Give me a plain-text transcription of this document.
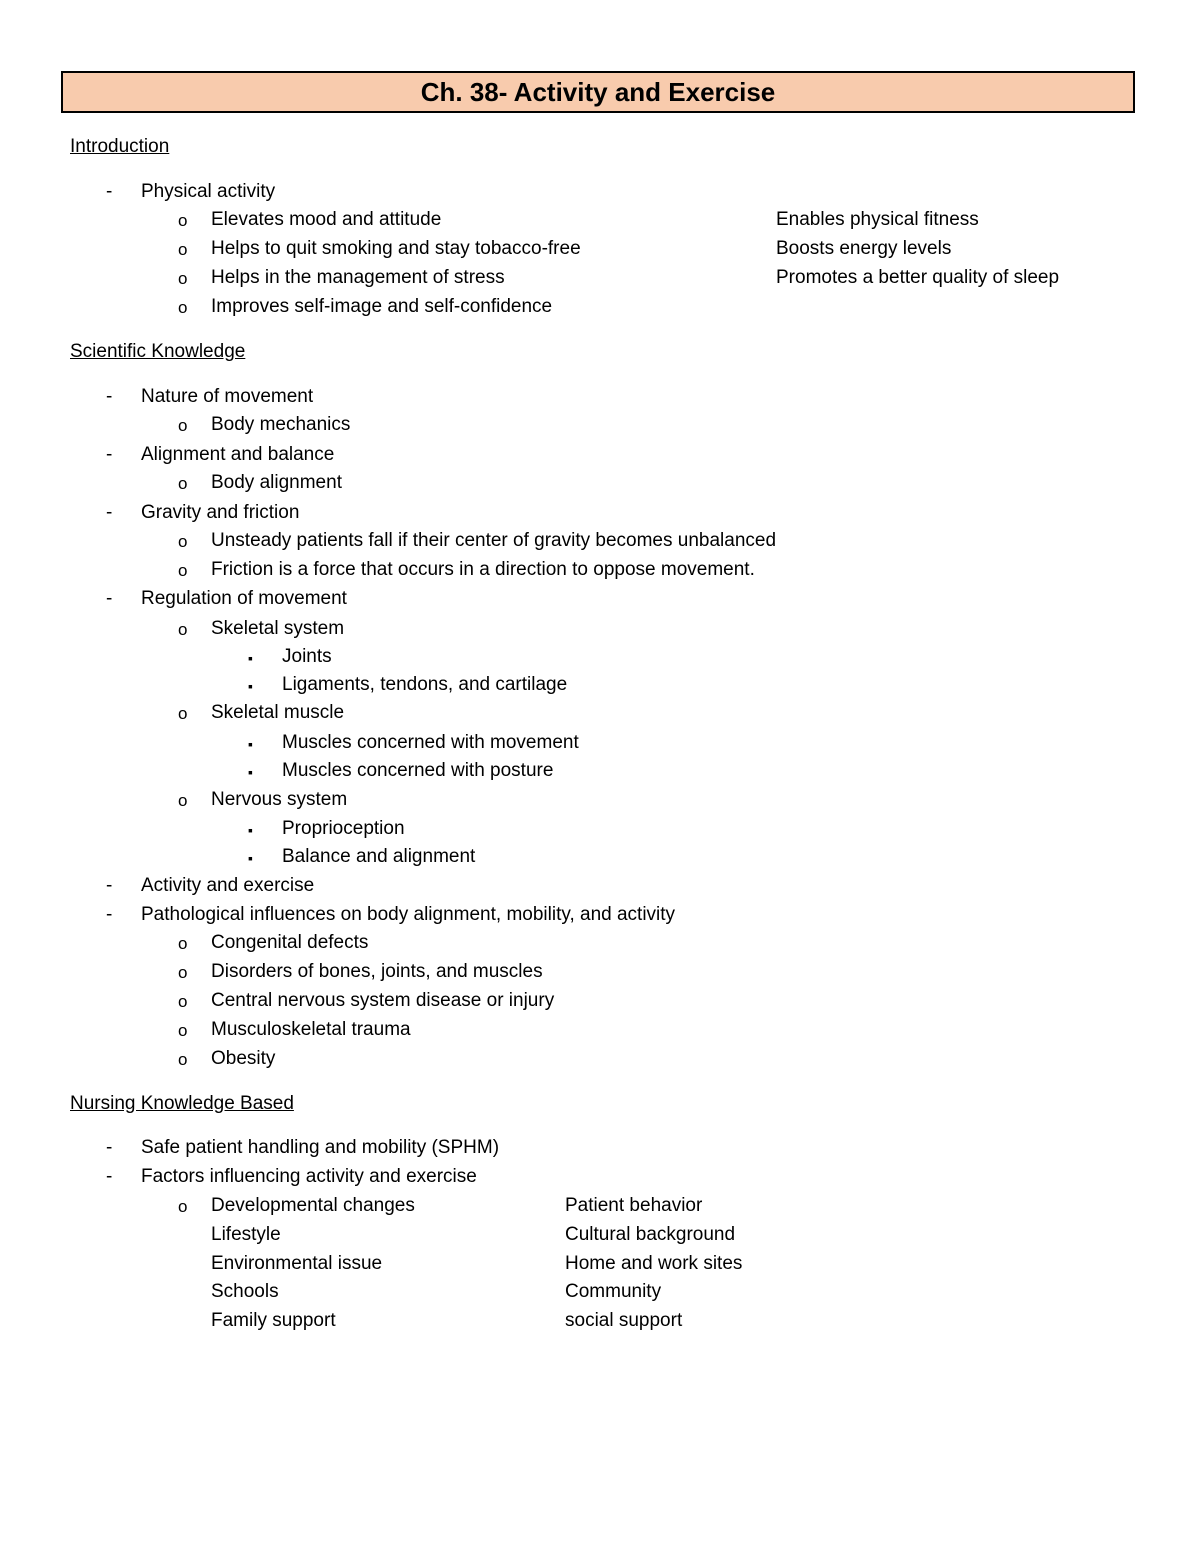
Ch. 38- Activity and Exercise
Introduction
- Physical activity
o Elevates mood and attitude
o Helps to quit smoking and stay tobacco-free
o Helps in the management of stress
o Improves self-image and self-confidence
Enables physical fitness
Boosts energy levels
Promotes a better quality of sleep
Scientific Knowledge
- Nature of movement
o Body mechanics
- Alignment and balance
o Body alignment
- Gravity and friction
o Unsteady patients fall if their center of gravity becomes unbalanced
o Friction is a force that occurs in a direction to oppose movement.
- Regulation of movement
o Skeletal system
▪ Joints
▪ Ligaments, tendons, and cartilage
o Skeletal muscle
▪ Muscles concerned with movement
▪ Muscles concerned with posture
o Nervous system
▪ Proprioception
▪ Balance and alignment
- Activity and exercise
- Pathological influences on body alignment, mobility, and activity
o Congenital defects
o Disorders of bones, joints, and muscles
o Central nervous system disease or injury
o Musculoskeletal trauma
o Obesity
Nursing Knowledge Based
- Safe patient handling and mobility (SPHM)
- Factors influencing activity and exercise
o Developmental changes
Lifestyle
Environmental issue
Schools
Family support
Patient behavior
Cultural background
Home and work sites
Community
social support
